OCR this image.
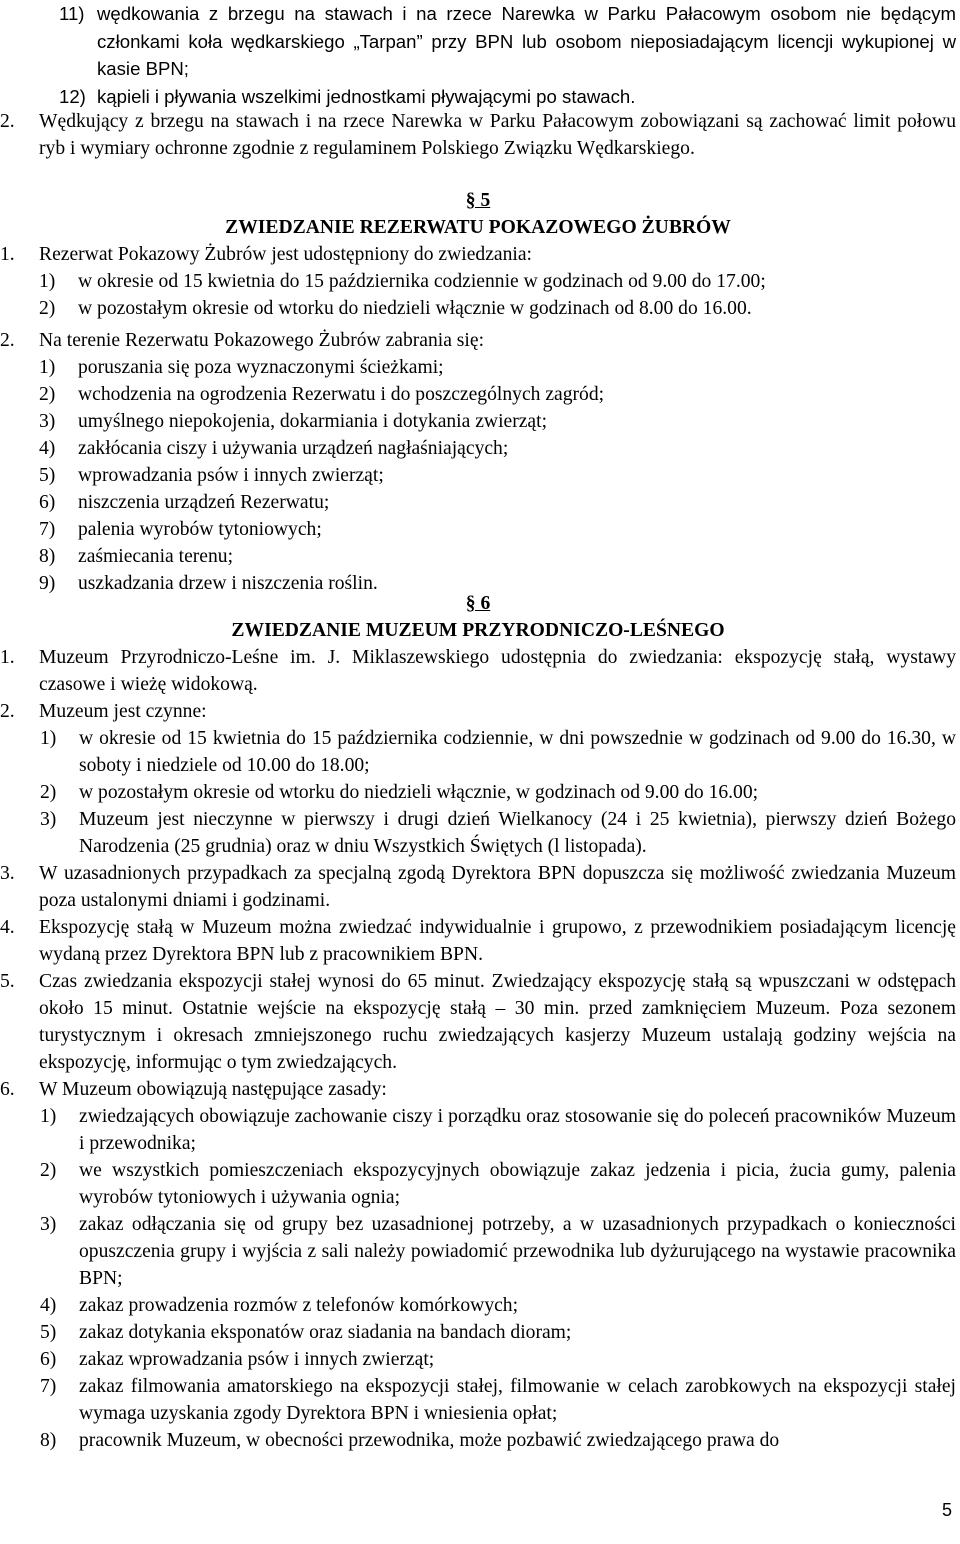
11) wędkowania z brzegu na stawach i na rzece Narewka w Parku Pałacowym osobom nie będącym członkami koła wędkarskiego „Tarpan” przy BPN lub osobom nieposiadającym licencji wykupionej w kasie BPN;
12) kąpieli i pływania wszelkimi jednostkami pływającymi po stawach.
2. Wędkujący z brzegu na stawach i na rzece Narewka w Parku Pałacowym zobowiązani są zachować limit połowu ryb i wymiary ochronne zgodnie z regulaminem Polskiego Związku Wędkarskiego.
§ 5
ZWIEDZANIE REZERWATU POKAZOWEGO ŻUBRÓW
1. Rezerwat Pokazowy Żubrów jest udostępniony do zwiedzania:
1) w okresie od 15 kwietnia do 15 października codziennie w godzinach od 9.00 do 17.00;
2) w pozostałym okresie od wtorku do niedzieli włącznie w godzinach od 8.00 do 16.00.
2. Na terenie Rezerwatu Pokazowego Żubrów zabrania się:
1) poruszania się poza wyznaczonymi ścieżkami;
2) wchodzenia na ogrodzenia Rezerwatu i do poszczególnych zagród;
3) umyślnego niepokojenia, dokarmiania i dotykania zwierząt;
4) zakłócania ciszy i używania urządzeń nagłaśniających;
5) wprowadzania psów i innych zwierząt;
6) niszczenia urządzeń Rezerwatu;
7) palenia wyrobów tytoniowych;
8) zaśmiecania terenu;
9) uszkadzania drzew i niszczenia roślin.
§ 6
ZWIEDZANIE MUZEUM PRZYRODNICZO-LEŚNEGO
1. Muzeum Przyrodniczo-Leśne im. J. Miklaszewskiego udostępnia do zwiedzania: ekspozycję stałą, wystawy czasowe i wieżę widokową.
2. Muzeum jest czynne:
1) w okresie od 15 kwietnia do 15 października codziennie, w dni powszednie w godzinach od 9.00 do 16.30, w soboty i niedziele od 10.00 do 18.00;
2) w pozostałym okresie od wtorku do niedzieli włącznie, w godzinach od 9.00 do 16.00;
3) Muzeum jest nieczynne w pierwszy i drugi dzień Wielkanocy (24 i 25 kwietnia), pierwszy dzień Bożego Narodzenia (25 grudnia) oraz w dniu Wszystkich Świętych (l listopada).
3. W uzasadnionych przypadkach za specjalną zgodą Dyrektora BPN dopuszcza się możliwość zwiedzania Muzeum poza ustalonymi dniami i godzinami.
4. Ekspozycję stałą w Muzeum można zwiedzać indywidualnie i grupowo, z przewodnikiem posiadającym licencję wydaną przez Dyrektora BPN lub z pracownikiem BPN.
5. Czas zwiedzania ekspozycji stałej wynosi do 65 minut. Zwiedzający ekspozycję stałą są wpuszczani w odstępach około 15 minut. Ostatnie wejście na ekspozycję stałą – 30 min. przed zamknięciem Muzeum. Poza sezonem turystycznym i okresach zmniejszonego ruchu zwiedzających kasjerzy Muzeum ustalają godziny wejścia na ekspozycję, informując o tym zwiedzających.
6. W Muzeum obowiązują następujące zasady:
1) zwiedzających obowiązuje zachowanie ciszy i porządku oraz stosowanie się do poleceń pracowników Muzeum i przewodnika;
2) we wszystkich pomieszczeniach ekspozycyjnych obowiązuje zakaz jedzenia i picia, żucia gumy, palenia wyrobów tytoniowych i używania ognia;
3) zakaz odłączania się od grupy bez uzasadnionej potrzeby, a w uzasadnionych przypadkach o konieczności opuszczenia grupy i wyjścia z sali należy powiadomić przewodnika lub dyżurującego na wystawie pracownika BPN;
4) zakaz prowadzenia rozmów z telefonów komórkowych;
5) zakaz dotykania eksponatów oraz siadania na bandach dioram;
6) zakaz wprowadzania psów i innych zwierząt;
7) zakaz filmowania amatorskiego na ekspozycji stałej, filmowanie w celach zarobkowych na ekspozycji stałej wymaga uzyskania zgody Dyrektora BPN i wniesienia opłat;
8) pracownik Muzeum, w obecności przewodnika, może pozbawić zwiedzającego prawa do
5
